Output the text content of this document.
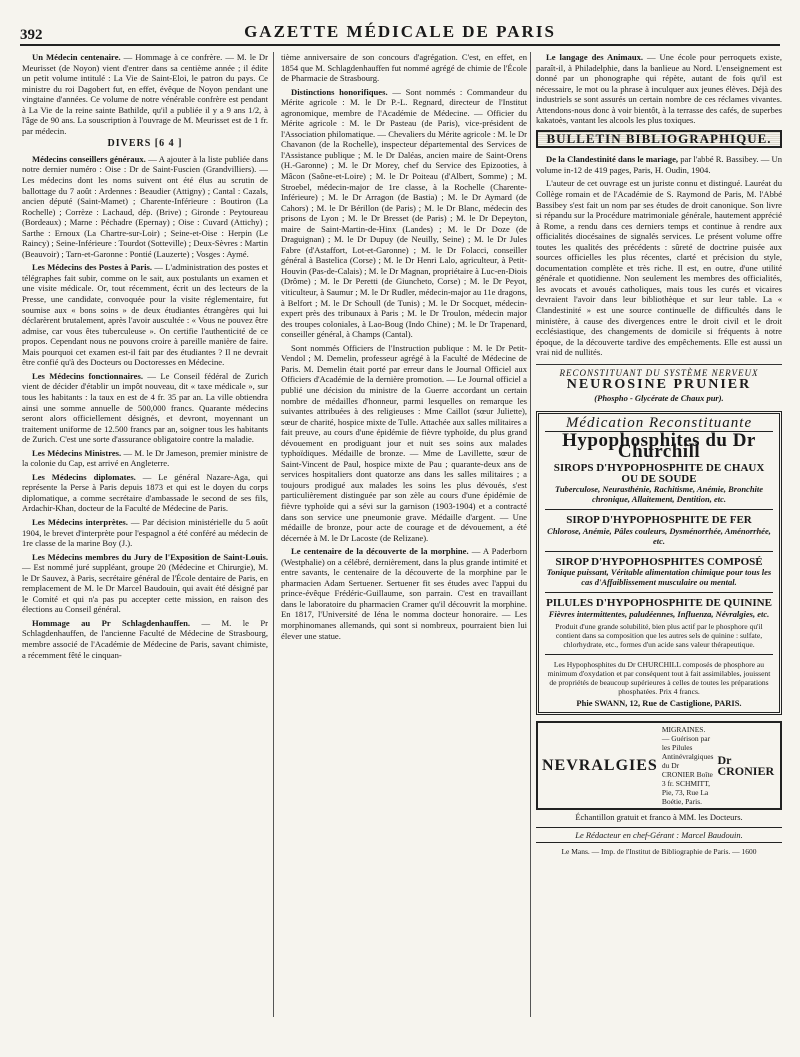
392	GAZETTE MÉDICALE DE PARIS

Un Médecin centenaire. — Hommage à ce confrère. — M. le Dr Meurisset (de Noyon) vient d'entrer dans sa centième année ; il édite un petit volume intitulé : La Vie de Saint-Eloi, le patron du pays. Ce ministre du roi Dagobert fut, en effet, évêque de Noyon pendant une vingtaine d'années. Ce volume de notre vénérable confrère est pendant à La Vie de la reine sainte Bathilde, qu'il a publiée il y a 9 ans 1/2, à l'âge de 90 ans. La souscription à l'ouvrage de M. Meurisset est de 1 fr. par médecin.

DIVERS [6 4 ]

Médecins conseillers généraux. — A ajouter à la liste publiée dans notre dernier numéro : Oise : Dr de Saint-Fuscien (Grandvilliers). — Les médecins dont les noms suivent ont été élus au scrutin de ballottage du 7 août : Ardennes : Beaudier (Attigny) ; Cantal : Cazals, ancien député (Saint-Mamet) ; Charente-Inférieure : Boutiron (La Rochelle) ; Corrèze : Lachaud, dép. (Brive) ; Gironde : Peytoureau (Bordeaux) ; Marne : Péchadre (Epernay) ; Oise : Cuvard (Attichy) ; Sarthe : Ernoux (La Chartre-sur-Loir) ; Seine-et-Oise : Herpin (Le Raincy) ; Seine-Inférieure : Tourdot (Sotteville) ; Deux-Sèvres : Martin (Beauvoir) ; Tarn-et-Garonne : Pontié (Lauzerte) ; Vosges : Aymé.

Les Médecins des Postes à Paris. — L'administration des postes et télégraphes fait subir, comme on le sait, aux postulants un examen et une visite médicale. Or, tout récemment, écrit un des lecteurs de la Presse, une candidate, convoquée pour la visite réglementaire, fut soumise aux « bons soins » de deux étudiantes étrangères qui lui déclarèrent brutalement, après l'avoir auscultée : « Vous ne pouvez être admise, car vous êtes tuberculeuse ». On certifie l'authenticité de ce propos. Cependant nous ne pouvons croire à pareille manière de faire. Mais pourquoi cet examen est-il fait par des étudiantes ? Il ne devrait être confié qu'à des Docteurs ou Doctoresses en Médecine.

Les Médecins fonctionnaires. — Le Conseil fédéral de Zurich vient de décider d'établir un impôt nouveau, dit « taxe médicale », sur tous les habitants : la taux en est de 4 fr. 35 par an. La ville obtiendra ainsi une somme annuelle de 500,000 francs. Quarante médecins seront alors officiellement désignés, et devront, moyennant un traitement uniforme de 12.500 francs par an, soigner tous les habitants de Zurich. C'est une sorte d'assurance obligatoire contre la maladie.

Les Médecins Ministres. — M. le Dr Jameson, premier ministre de la colonie du Cap, est arrivé en Angleterre.

Les Médecins diplomates. — Le général Nazare-Aga, qui représente la Perse à Paris depuis 1873 et qui est le doyen du corps diplomatique, a comme secrétaire d'ambassade le second de ses fils, Ardachir-Khan, docteur de la Faculté de Médecine de Paris.

Les Médecins interprètes. — Par décision ministérielle du 5 août 1904, le brevet d'interprète pour l'espagnol a été conféré au médecin de 1re classe de la marine Boy (J.).

Les Médecins membres du Jury de l'Exposition de Saint-Louis. — Est nommé juré suppléant, groupe 20 (Médecine et Chirurgie), M. le Dr Sauvez, à Paris, secrétaire général de l'École dentaire de Paris, en remplacement de M. le Dr Marcel Baudouin, qui avait été désigné par le Comité et qui n'a pas pu accepter cette mission, en raison des élections au Conseil général.

Hommage au Pr Schlagdenhauffen. — M. le Pr Schlagdenhauffen, de l'ancienne Faculté de Médecine de Strasbourg, membre associé de l'Académie de Médecine de Paris, savant chimiste, a récemment fêté le cinquan-

tième anniversaire de son concours d'agrégation. C'est, en effet, en 1854 que M. Schlagdenhauffen fut nommé agrégé de chimie de l'École de Pharmacie de Strasbourg.

Distinctions honorifiques. — Sont nommés : Commandeur du Mérite agricole : M. le Dr P.-L. Regnard, directeur de l'Institut agronomique, membre de l'Académie de Médecine. — Officier du Mérite agricole : M. le Dr Pasteau (de Paris), vice-président de l'Association philomatique. — Chevaliers du Mérite agricole : M. le Dr Chavanon (de la Rochelle), inspecteur départemental des Services de l'Assistance publique ; M. le Dr Daléas, ancien maire de Saint-Orens (H.-Garonne) ; M. le Dr Morey, chef du Service des Epizooties, à Mâcon (Saône-et-Loire) ; M. le Dr Poiteau (d'Albert, Somme) ; M. Stroebel, médecin-major de 1re classe, à la Rochelle (Charente-Inférieure) ; M. le Dr Arragon (de Bastia) ; M. le Dr Aymard (de Cahors) ; M. le Dr Bérillon (de Paris) ; M. le Dr Blanc, médecin des prisons de Lyon ; M. le Dr Bresset (de Paris) ; M. le Dr Depeyton, maire de Saint-Martin-de-Hinx (Landes) ; M. le Dr Doze (de Draguignan) ; M. le Dr Dupuy (de Neuilly, Seine) ; M. le Dr Jules Fabre (d'Astaffort, Lot-et-Garonne) ; M. le Dr Folacci, conseiller général à Bastelica (Corse) ; M. le Dr Henri Lalo, agriculteur, à Petit-Houvin (Pas-de-Calais) ; M. le Dr Magnan, propriétaire à Luc-en-Diois (Drôme) ; M. le Dr Peretti (de Giuncheto, Corse) ; M. le Dr Peyot, viticulteur, à Saumur ; M. le Dr Rudler, médecin-major au 11e dragons, à Belfort ; M. le Dr Schoull (de Tunis) ; M. le Dr Socquet, médecin-expert près des tribunaux à Paris ; M. le Dr Troulon, médecin major des troupes coloniales, à Lao-Boug (Indo Chine) ; M. le Dr Trapenard, conseiller général, à Champs (Cantal).

Sont nommés Officiers de l'Instruction publique : M. le Dr Petit-Vendol ; M. Demelin, professeur agrégé à la Faculté de Médecine de Paris. M. Demelin était porté par erreur dans le Journal Officiel aux Officiers d'Académie de la dernière promotion. — Le Journal officiel a publié une décision du ministre de la Guerre accordant un certain nombre de médailles d'honneur, parmi lesquelles on remarque les suivantes attribuées à des religieuses : Mme Caillot (sœur Juliette), sœur de charité, hospice mixte de Tulle. Attachée aux salles militaires a fait preuve, au cours d'une épidémie de fièvre typhoïde, du plus grand dévouement en prodiguant jour et nuit ses soins aux malades typhoïdiques. Médaille de bronze. — Mme de Lavillette, sœur de Saint-Vincent de Paul, hospice mixte de Pau ; quarante-deux ans de services hospitaliers dont quatorze ans dans les salles militaires ; a toujours prodigué aux malades les soins les plus dévoués, s'est particulièrement distinguée par son zèle au cours d'une épidémie de fièvre typhoïde qui a sévi sur la garnison (1903-1904) et a contracté dans son service une pneumonie grave. Médaille d'argent. — Une médaille de bronze, pour acte de courage et de dévouement, a été décernée à M. le Dr Lacoste (de Relizane).

Le centenaire de la découverte de la morphine. — A Paderborn (Westphalie) on a célébré, dernièrement, dans la plus grande intimité et entre savants, le centenaire de la découverte de la morphine par le pharmacien Adam Sertuener. Sertuener fit ses études avec l'appui du prince-évêque Frédéric-Guillaume, son parrain. C'est en travaillant dans le laboratoire du pharmacien Cramer qu'il découvrit la morphine. En 1817, l'Université de Iéna le nomma docteur honoraire. — Les morphinomanes allemands, qui sont si nombreux, pourraient bien lui élever une statue.

Le langage des Animaux. — Une école pour perroquets existe, paraît-il, à Philadelphie, dans la banlieue au Nord. L'enseignement est donné par un phonographe qui répète, autant de fois qu'il est nécessaire, le mot ou la phrase à inculquer aux jeunes élèves. Déjà des industriels se sont assurés un certain nombre de ces réclames vivantes. Attendons-nous donc à voir bientôt, à la terrasse des cafés, de superbes kakatoès, vantant les alcools les plus toxiques.

BULLETIN BIBLIOGRAPHIQUE.

De la Clandestinité dans le mariage, par l'abbé R. Bassibey. — Un volume in-12 de 419 pages, Paris, H. Oudin, 1904.

L'auteur de cet ouvrage est un juriste connu et distingué. Lauréat du Collège romain et de l'Académie de S. Raymond de Paris, M. l'Abbé Bassibey s'est fait un nom par ses études de droit canonique. Son livre si répandu sur la Procédure matrimoniale générale, hautement apprécié à Rome, a rendu dans ces derniers temps et continue à rendre aux officialités diocésaines de signalés services. Le présent volume offre toutes les qualités des précédents : sûreté de doctrine puisée aux sources officielles les plus récentes, clarté et précision du style, documentation complète et très riche. Il est, en outre, d'une utilité générale et quotidienne. Non seulement les membres des officialités, les avocats et avoués catholiques, mais tous les curés et vicaires devraient l'avoir dans leur bibliothèque et sur leur table. La « Clandestinité » est une source continuelle de difficultés dans le ministère, à cause des divergences entre le droit civil et le droit ecclésiastique, des changements de domicile si fréquents à notre époque, de la découverte tardive des empêchements. Elle est aussi un vrai nid de nullités.

RECONSTITUANT DU SYSTÈME NERVEUX
NEUROSINE PRUNIER
(Phospho - Glycérate de Chaux pur).
Médication Reconstituante
Hypophosphites du Dr Churchill
SIROPS D'HYPOPHOSPHITE DE CHAUX OU DE SOUDE
Tuberculose, Neurasthénie, Rachitisme, Anémie, Bronchite chronique, Allaitement, Dentition, etc.
SIROP D'HYPOPHOSPHITE DE FER
Chlorose, Anémie, Pâles couleurs, Dysménorrhée, Aménorrhée, etc.
SIROP D'HYPOPHOSPHITES COMPOSÉ
Tonique puissant, Véritable alimentation chimique pour tous les cas d'Affaiblissement musculaire ou mental.
PILULES D'HYPOPHOSPHITE DE QUININE
Fièvres intermittentes, paludéennes, Influenza, Névralgies, etc.
Produit d'une grande solubilité, bien plus actif par le phosphore qu'il contient dans sa composition que les autres sels de quinine : sulfate, chlorhydrate, etc., formes d'un acide sans valeur thérapeutique.
Les Hypophosphites du Dr CHURCHILL composés de phosphore au minimum d'oxydation et par conséquent tout à fait assimilables, jouissent de propriétés de beaucoup supérieures à celles de toutes les préparations phosphatées. Prix 4 francs.
Phie SWANN, 12, Rue de Castiglione, PARIS.
NEVRALGIES
MIGRAINES. — Guérison par les Pilules Antinévralgiques du Dr CRONIER Boîte 3 fr. SCHMITT, Pie, 73, Rue La Boétie, Paris.
Dr CRONIER
Échantillon gratuit et franco à MM. les Docteurs.
Le Rédacteur en chef-Gérant : Marcel Baudouin.
Le Mans. — Imp. de l'Institut de Bibliographie de Paris. — 1600
